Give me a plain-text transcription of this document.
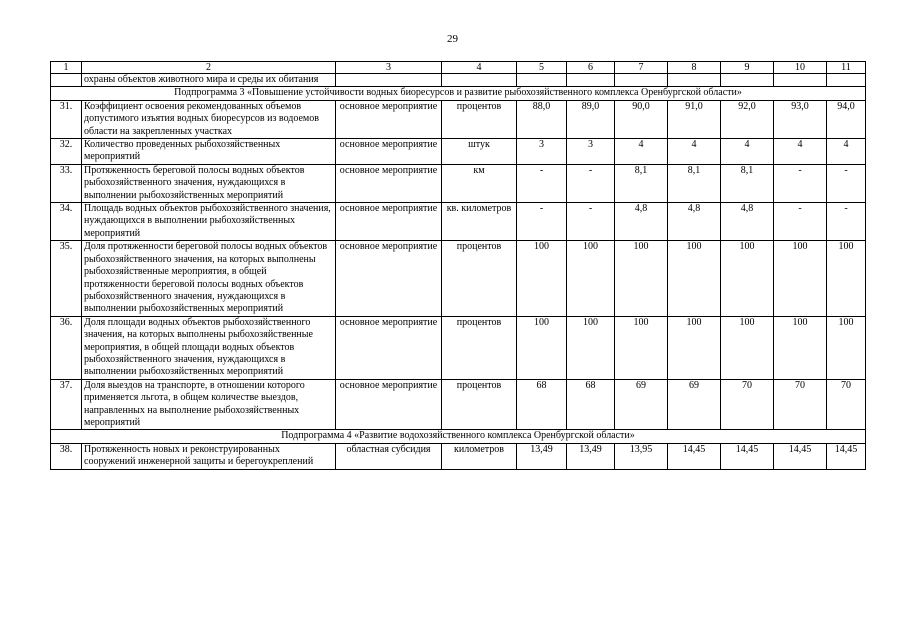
29
1	2	3	4	5	6	7	8	9	10	11
	охраны объектов животного мира и среды их обитания									
Подпрограмма 3 «Повышение устойчивости водных биоресурсов и развитие рыбохозяйственного комплекса Оренбургской области»										
31.	Коэффициент освоения рекомендованных объемов допустимого изъятия водных биоресурсов из водоемов области на закрепленных участках	основное мероприятие	процентов	88,0	89,0	90,0	91,0	92,0	93,0	94,0
32.	Количество проведенных рыбохозяйственных мероприятий	основное мероприятие	штук	3	3	4	4	4	4	4
33.	Протяженность береговой полосы водных объектов рыбохозяйственного значения, нуждающихся в выполнении рыбохозяйственных мероприятий	основное мероприятие	км	-	-	8,1	8,1	8,1	-	-
34.	Площадь водных объектов рыбохозяйственного значения, нуждающихся в выполнении рыбохозяйственных мероприятий	основное мероприятие	кв. километров	-	-	4,8	4,8	4,8	-	-
35.	Доля протяженности береговой полосы водных объектов рыбохозяйственного значения, на которых выполнены рыбохозяйственные мероприятия, в общей протяженности береговой полосы водных объектов рыбохозяйственного значения, нуждающихся в выполнении рыбохозяйственных мероприятий	основное мероприятие	процентов	100	100	100	100	100	100	100
36.	Доля площади водных объектов рыбохозяйственного значения, на которых выполнены рыбохозяйственные мероприятия, в общей площади водных объектов рыбохозяйственного значения, нуждающихся в выполнении рыбохозяйственных мероприятий	основное мероприятие	процентов	100	100	100	100	100	100	100
37.	Доля выездов на транспорте, в отношении которого применяется льгота, в общем количестве выездов, направленных на выполнение рыбохозяйственных мероприятий	основное мероприятие	процентов	68	68	69	69	70	70	70
Подпрограмма 4 «Развитие водохозяйственного комплекса Оренбургской области»										
38.	Протяженность новых и реконструированных сооружений инженерной защиты и берегоукреплений	областная субсидия	километров	13,49	13,49	13,95	14,45	14,45	14,45	14,45
